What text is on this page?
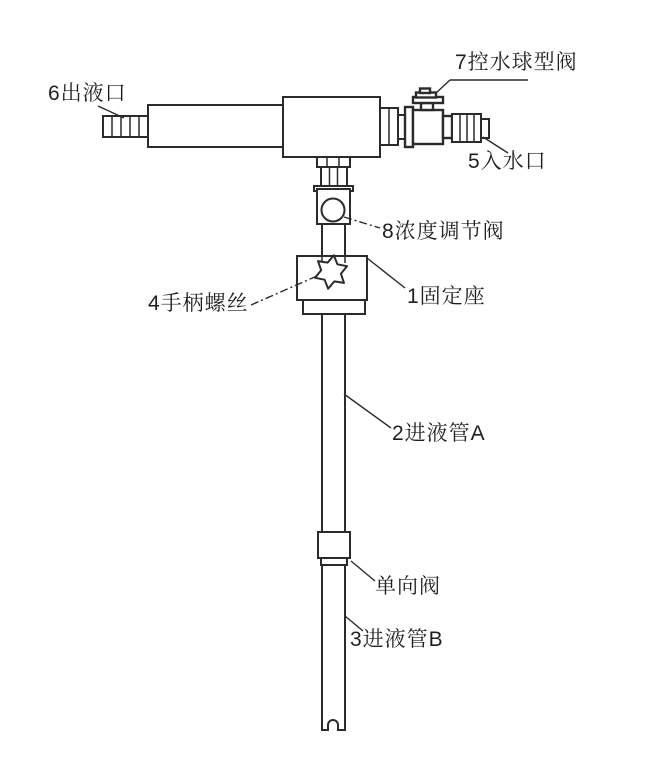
6出液口
7控水球型阀
5入水口
8浓度调节阀
4手柄螺丝	1固定座
2进液管A
单向阀
3进液管B
